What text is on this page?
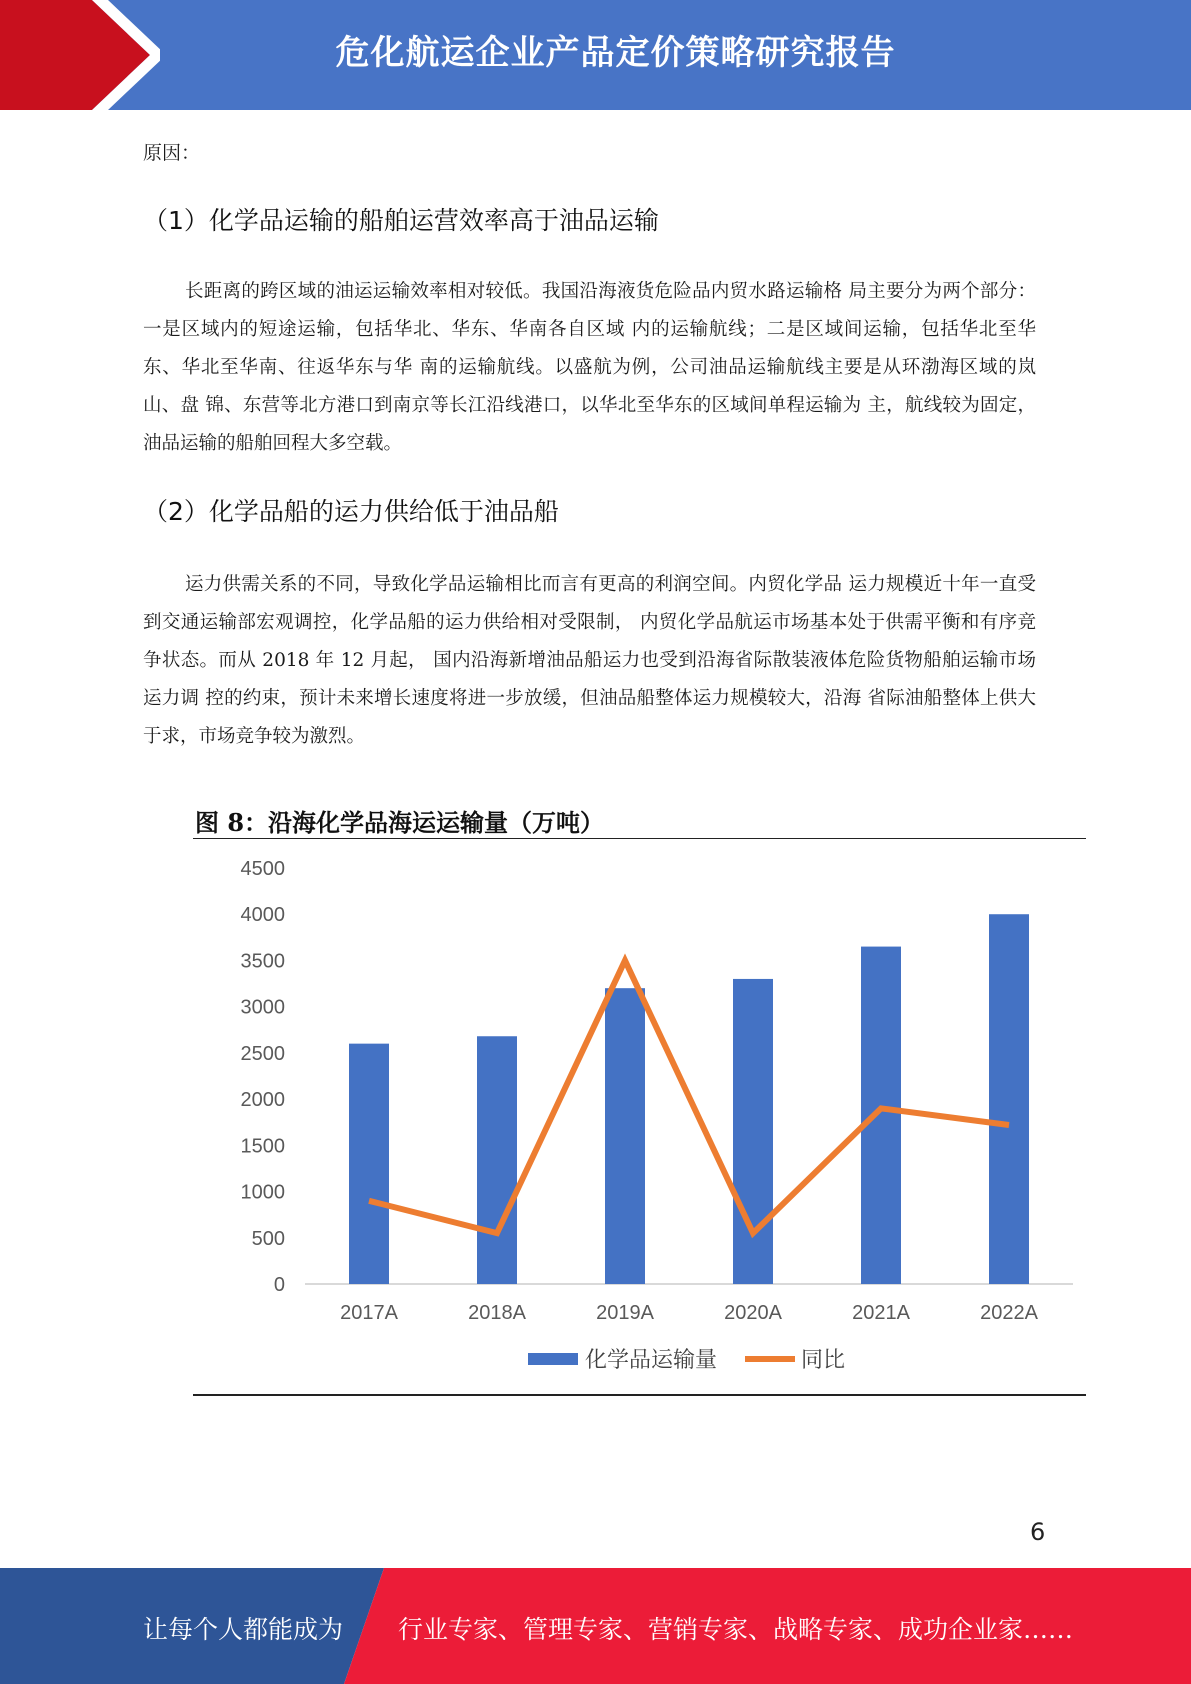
危化航运企业产品定价策略研究报告
原因：
（1）化学品运输的船舶运营效率高于油品运输

长距离的跨区域的油运运输效率相对较低。我国沿海液货危险品内贸水路运输格 局主要分为两个部分：一是区域内的短途运输，包括华北、华东、华南各自区域 内的运输航线；二是区域间运输，包括华北至华东、华北至华南、往返华东与华 南的运输航线。以盛航为例，公司油品运输航线主要是从环渤海区域的岚山、盘 锦、东营等北方港口到南京等长江沿线港口，以华北至华东的区域间单程运输为 主，航线较为固定，油品运输的船舶回程大多空载。

（2）化学品船的运力供给低于油品船

运力供需关系的不同，导致化学品运输相比而言有更高的利润空间。内贸化学品 运力规模近十年一直受到交通运输部宏观调控，化学品船的运力供给相对受限制， 内贸化学品航运市场基本处于供需平衡和有序竞争状态。而从 2018 年 12 月起， 国内沿海新增油品船运力也受到沿海省际散装液体危险货物船舶运输市场运力调 控的约束，预计未来增长速度将进一步放缓，但油品船整体运力规模较大，沿海 省际油船整体上供大于求，市场竞争较为激烈。

图 8：沿海化学品海运运输量（万吨）
0
500
1000
1500
2000
2500
3000
3500
4000
4500
2017A	2018A	2019A	2020A	2021A	2022A
化学品运输量	同比
6
让每个人都能成为 行业专家、管理专家、营销专家、战略专家、成功企业家……
